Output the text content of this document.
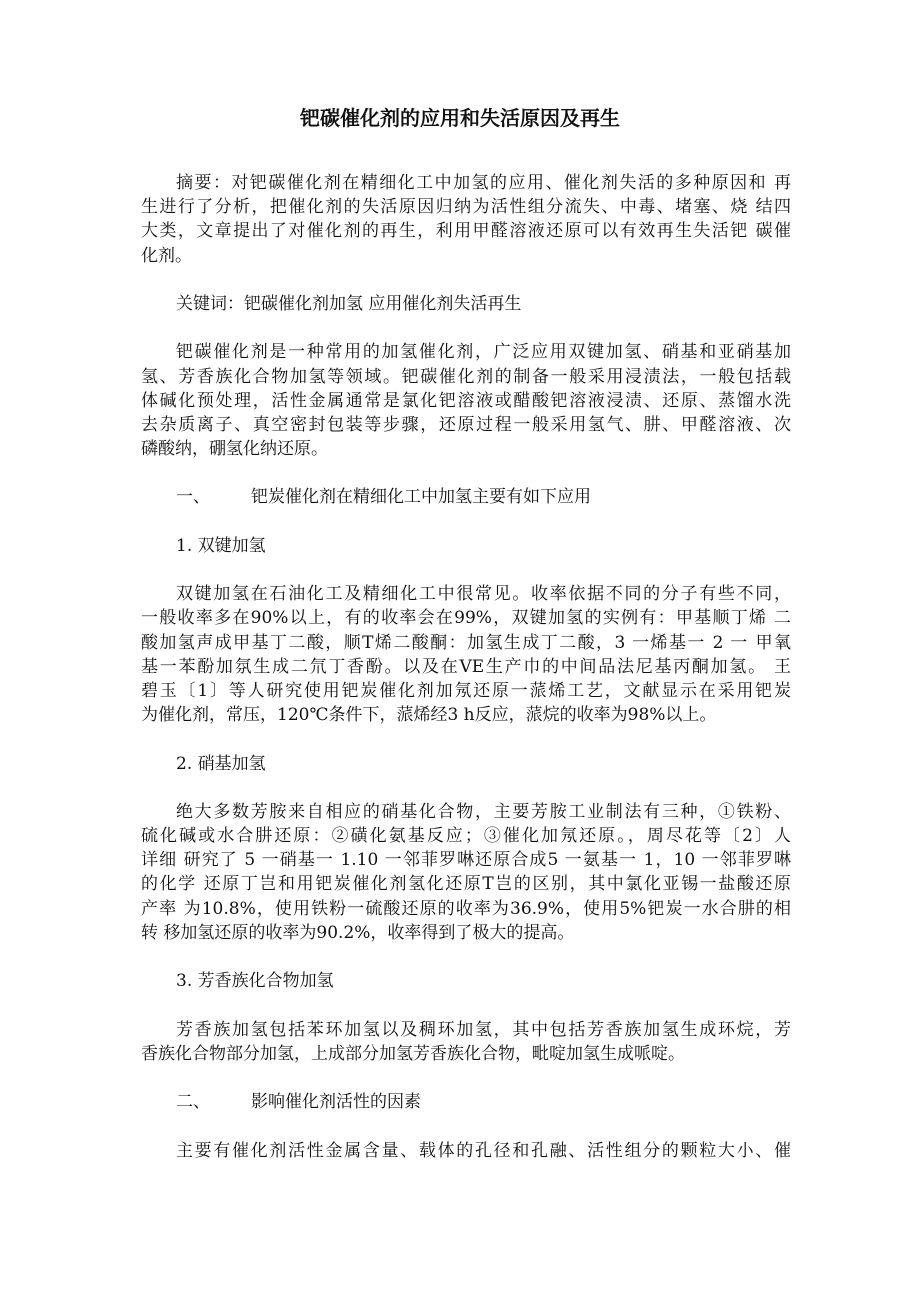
钯碳催化剂的应用和失活原因及再生
摘要：对钯碳催化剂在精细化工中加氢的应用、催化剂失活的多种原因和 再
生进行了分析，把催化剂的失活原因归纳为活性组分流失、中毒、堵塞、烧 结四
大类，文章提出了对催化剂的再生，利用甲醛溶液还原可以有效再生失活钯 碳催
化剂。
关键词：钯碳催化剂加氢 应用催化剂失活再生
钯碳催化剂是一种常用的加氢催化剂，广泛应用双键加氢、硝基和亚硝基加
氢、芳香族化合物加氢等领域。钯碳催化剂的制备一般采用浸渍法，一般包括载
体碱化预处理，活性金属通常是氯化钯溶液或醋酸钯溶液浸渍、还原、蒸馏水洗
去杂质离子、真空密封包装等步骤，还原过程一般采用氢气、肼、甲醛溶液、次
磷酸纳，硼氢化纳还原。
一、 钯炭催化剂在精细化工中加氢主要有如下应用
1. 双键加氢
双键加氢在石油化工及精细化工中很常见。收率依据不同的分子有些不同，
一般收率多在90%以上，有的收率会在99%，双键加氢的实例有：甲基顺丁烯 二
酸加氢声成甲基丁二酸，顺T烯二酸酮：加氢生成丁二酸，3 一烯基一 2 一 甲氧
基一苯酚加氛生成二氘丁香酚。以及在VE生产巾的中间品法尼基丙酮加氢。 王
碧玉〔1〕等人研究使用钯炭催化剂加氖还原一蒎烯工艺，文献显示在采用钯炭
为催化剂，常压，120℃条件下，蒎烯经3 h反应，蒎烷的收率为98%以上。
2. 硝基加氢
绝大多数芳胺来自相应的硝基化合物，主要芳胺工业制法有三种，①铁粉、
硫化碱或水合肼还原：②磺化氨基反应；③催化加氖还原。，周尽花等〔2〕人
详细 研究了 5 一硝基一 1.10 一邻菲罗啉还原合成5 一氨基一 1，10 一邻菲罗啉
的化学 还原丁岂和用钯炭催化剂氢化还原T岂的区别，其中氯化亚锡一盐酸还原
产率 为10.8%，使用铁粉一硫酸还原的收率为36.9%，使用5%钯炭一水合肼的相
转 移加氢还原的收率为90.2%，收率得到了极大的提高。
3. 芳香族化合物加氢
芳香族加氢包括苯环加氢以及稠环加氢，其中包括芳香族加氢生成环烷，芳
香族化合物部分加氢，上成部分加氢芳香族化合物，毗啶加氢生成哌啶。
二、 影响催化剂活性的因素
主要有催化剂活性金属含量、载体的孔径和孔融、活性组分的颗粒大小、催
